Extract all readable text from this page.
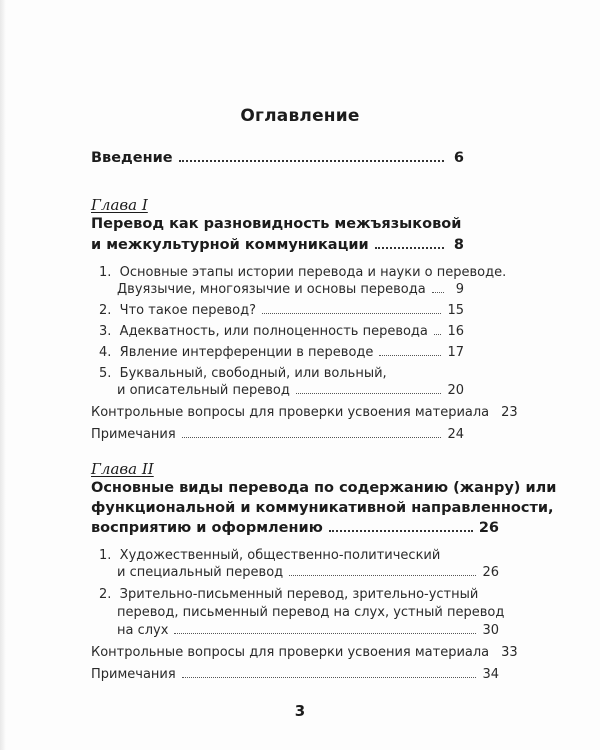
Оглавление
Введение	6
Глава I
Перевод как разновидность межъязыковой
и межкультурной коммуникации	8
1. Основные этапы истории перевода и науки о переводе.
Двуязычие, многоязычие и основы перевода	9
2. Что такое перевод?	15
3. Адекватность, или полноценность перевода 16
4. Явление интерференции в переводе	17
5. Буквальный, свободный, или вольный,
и описательный перевод	20
Контрольные вопросы для проверки усвоения материала 23
Примечания	24
Глава II
Основные виды перевода по содержанию (жанру) или
функциональной и коммуникативной направленности,
восприятию и оформлению	26
1. Художественный, общественно-политический
и специальный перевод	26
2. Зрительно-письменный перевод, зрительно-устный
перевод, письменный перевод на слух, устный перевод
на слух	30
Контрольные вопросы для проверки усвоения материала 33
Примечания	34
3
